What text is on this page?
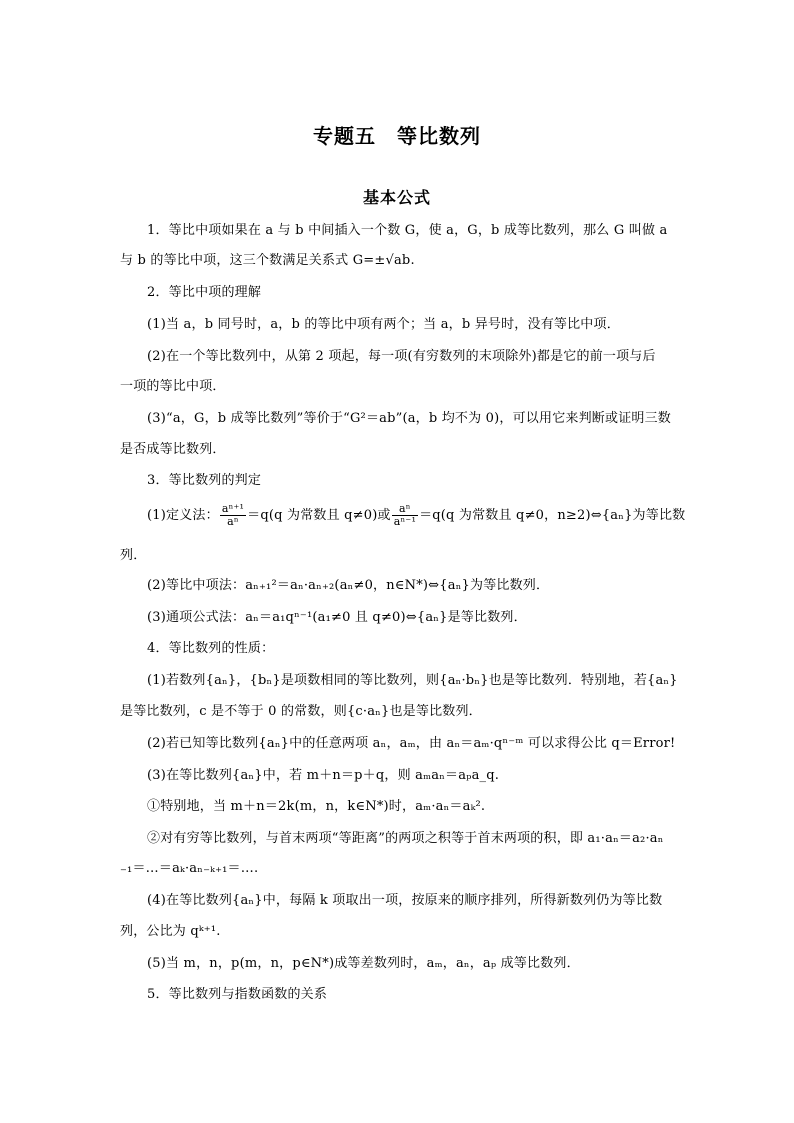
专题五　等比数列
基本公式
1．等比中项如果在 a 与 b 中间插入一个数 G，使 a，G，b 成等比数列，那么 G 叫做 a
与 b 的等比中项，这三个数满足关系式 G=±√ab.
2．等比中项的理解
(1)当 a，b 同号时，a，b 的等比中项有两个；当 a，b 异号时，没有等比中项．
(2)在一个等比数列中，从第 2 项起，每一项(有穷数列的末项除外)都是它的前一项与后
一项的等比中项．
(3)“a，G，b 成等比数列”等价于“G²＝ab”(a，b 均不为 0)，可以用它来判断或证明三数
是否成等比数列．
3．等比数列的判定
(1)定义法： $\frac{\text{aⁿ⁺¹}}{\text{aⁿ}} =q(q$ 为常数且 q≠0)或 $\frac{\text{aⁿ}}{\text{aⁿ⁻¹}} =q(q$ 为常数且 q≠0，n≥2)⇔{aₙ}为等比数
列．
(2)等比中项法：aₙ₊₁²＝aₙ·aₙ₊₂(aₙ≠0，n∈N*)⇔{aₙ}为等比数列．
(3)通项公式法：aₙ＝a₁qⁿ⁻¹(a₁≠0 且 q≠0)⇔{aₙ}是等比数列．
4．等比数列的性质：
(1)若数列{aₙ}，{bₙ}是项数相同的等比数列，则{aₙ·bₙ}也是等比数列．特别地，若{aₙ}
是等比数列，c 是不等于 0 的常数，则{c·aₙ}也是等比数列．
(2)若已知等比数列{aₙ}中的任意两项 aₙ，aₘ，由 aₙ＝aₘ·qⁿ⁻ᵐ 可以求得公比 q＝Error!
(3)在等比数列{aₙ}中，若 m＋n＝p＋q，则 aₘaₙ＝aₚa_q.
①特别地，当 m＋n＝2k(m，n，k∈N*)时，aₘ·aₙ＝aₖ².
②对有穷等比数列，与首末两项“等距离”的两项之积等于首末两项的积，即 a₁·aₙ＝a₂·aₙ
₋₁＝…＝aₖ·aₙ₋ₖ₊₁＝….
(4)在等比数列{aₙ}中，每隔 k 项取出一项，按原来的顺序排列，所得新数列仍为等比数
列，公比为 qᵏ⁺¹.
(5)当 m，n，p(m，n，p∈N*)成等差数列时，aₘ，aₙ，aₚ 成等比数列．
5．等比数列与指数函数的关系
